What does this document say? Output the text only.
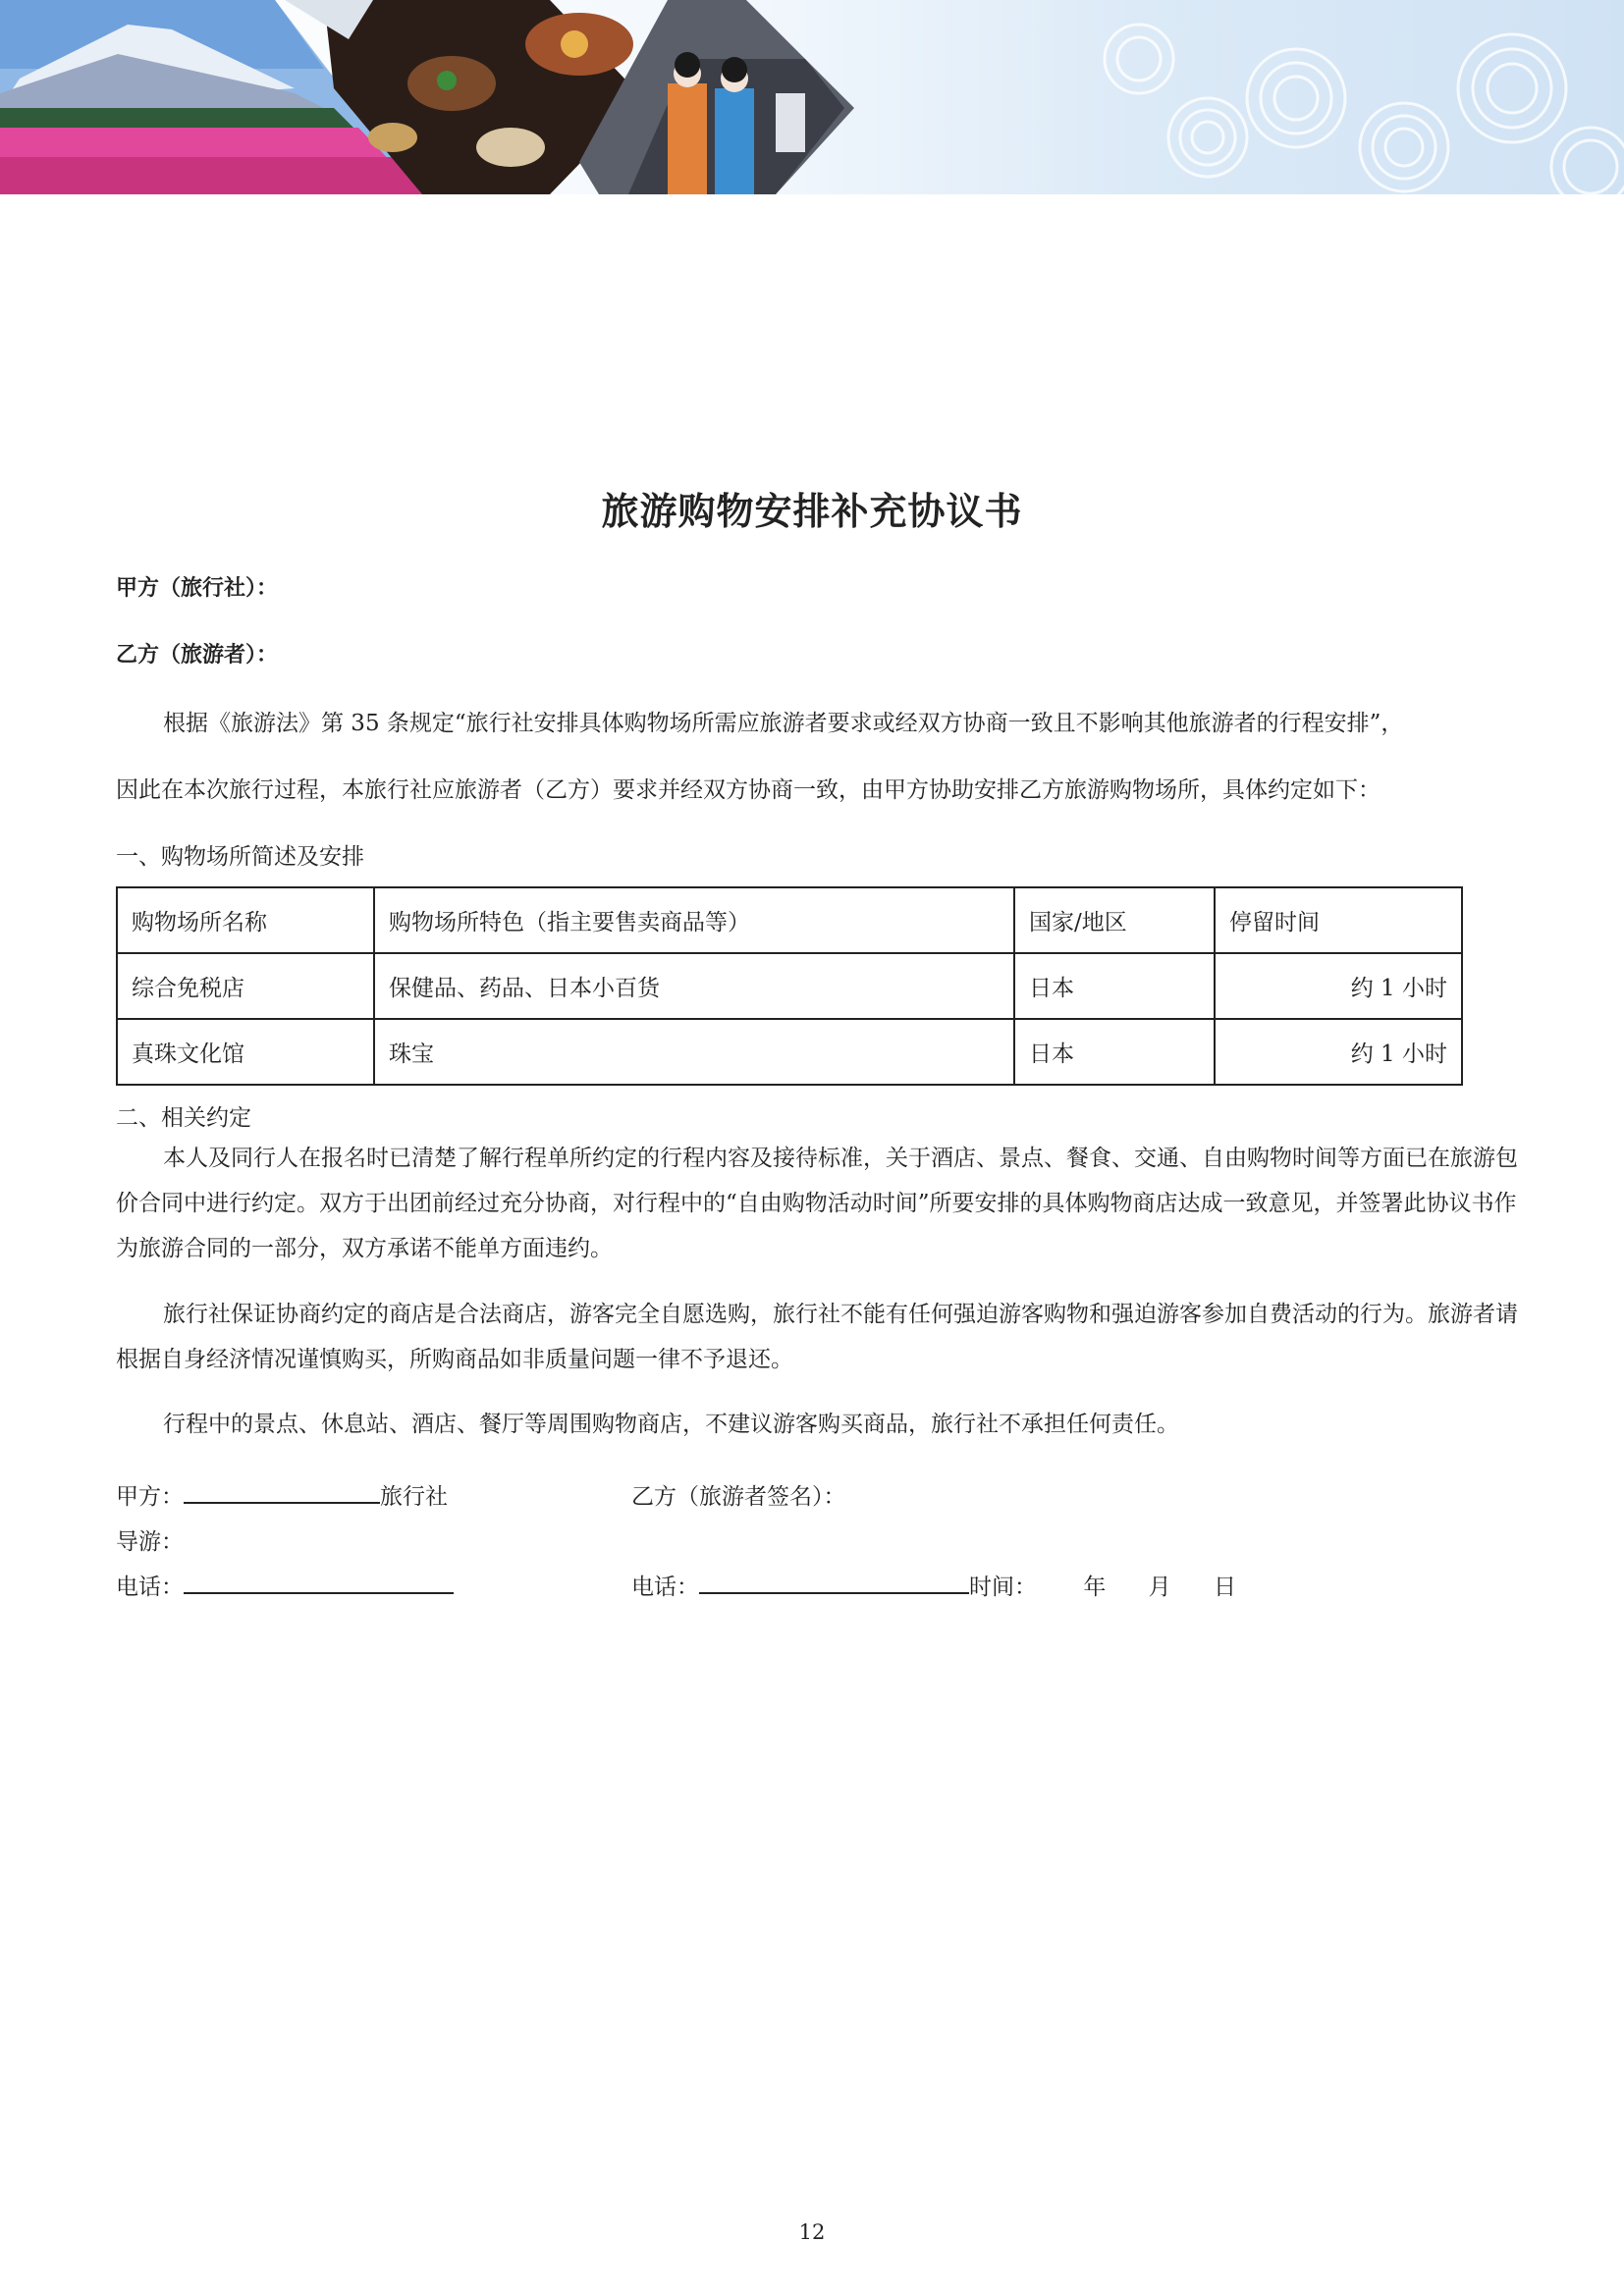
旅游购物安排补充协议书
甲方（旅行社）：
乙方（旅游者）：
根据《旅游法》第 35 条规定“旅行社安排具体购物场所需应旅游者要求或经双方协商一致且不影响其他旅游者的行程安排”，
因此在本次旅行过程，本旅行社应旅游者（乙方）要求并经双方协商一致，由甲方协助安排乙方旅游购物场所，具体约定如下：
一、购物场所简述及安排
购物场所名称	购物场所特色（指主要售卖商品等）	国家/地区	停留时间
综合免税店	保健品、药品、日本小百货	日本	约 1 小时
真珠文化馆	珠宝	日本	约 1 小时
二、相关约定
本人及同行人在报名时已清楚了解行程单所约定的行程内容及接待标准，关于酒店、景点、餐食、交通、自由购物时间等方面已在旅游包价合同中进行约定。双方于出团前经过充分协商，对行程中的“自由购物活动时间”所要安排的具体购物商店达成一致意见，并签署此协议书作为旅游合同的一部分，双方承诺不能单方面违约。
旅行社保证协商约定的商店是合法商店，游客完全自愿选购，旅行社不能有任何强迫游客购物和强迫游客参加自费活动的行为。旅游者请根据自身经济情况谨慎购买，所购商品如非质量问题一律不予退还。
行程中的景点、休息站、酒店、餐厅等周围购物商店，不建议游客购买商品，旅行社不承担任何责任。
甲方：	旅行社	乙方（旅游者签名）：
导游：
电话：	电话：	时间： 年 月 日
12
